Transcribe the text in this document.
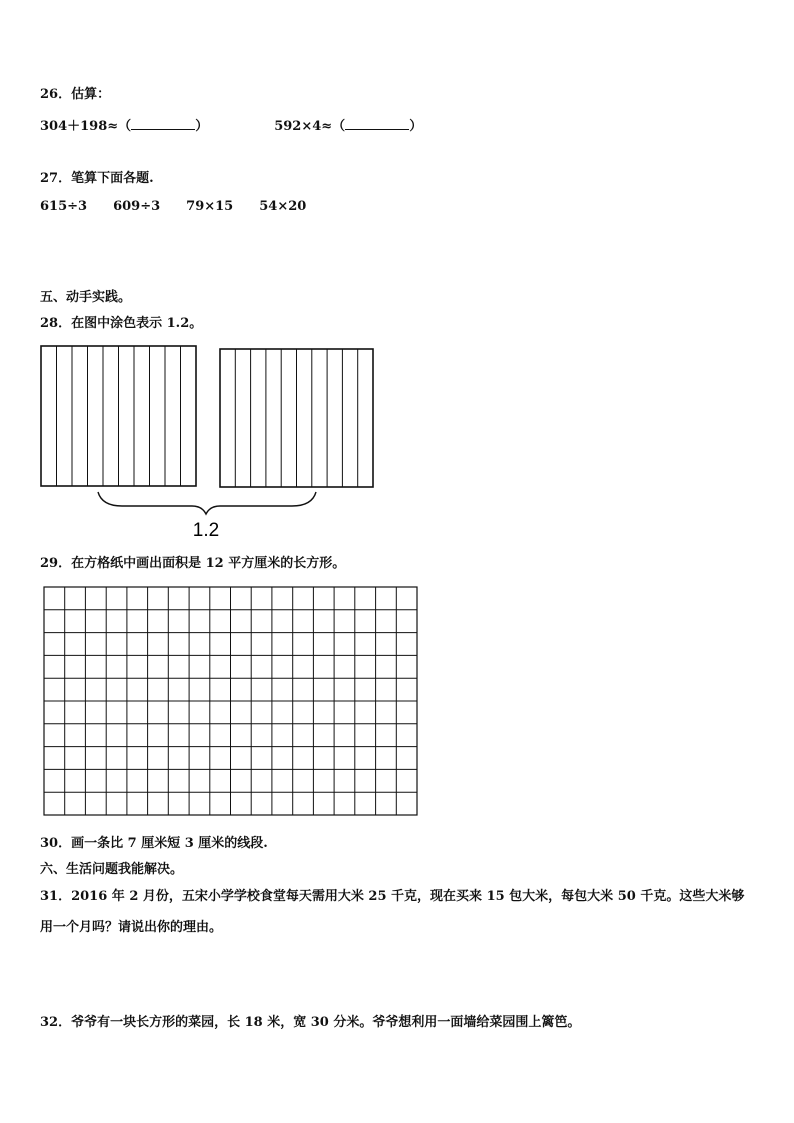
26．估算：
304＋198≈（	）	592×4≈（	）
27．笔算下面各题.
615÷3 609÷3 79×15 54×20
五、动手实践。
28．在图中涂色表示 1.2。
1.2
29．在方格纸中画出面积是 12 平方厘米的长方形。
30．画一条比 7 厘米短 3 厘米的线段.
六、生活问题我能解决。
31．2016 年 2 月份，五宋小学学校食堂每天需用大米 25 千克，现在买来 15 包大米，每包大米 50 千克。这些大米够
用一个月吗？请说出你的理由。
32．爷爷有一块长方形的菜园，长 18 米，宽 30 分米。爷爷想利用一面墙给菜园围上篱笆。
